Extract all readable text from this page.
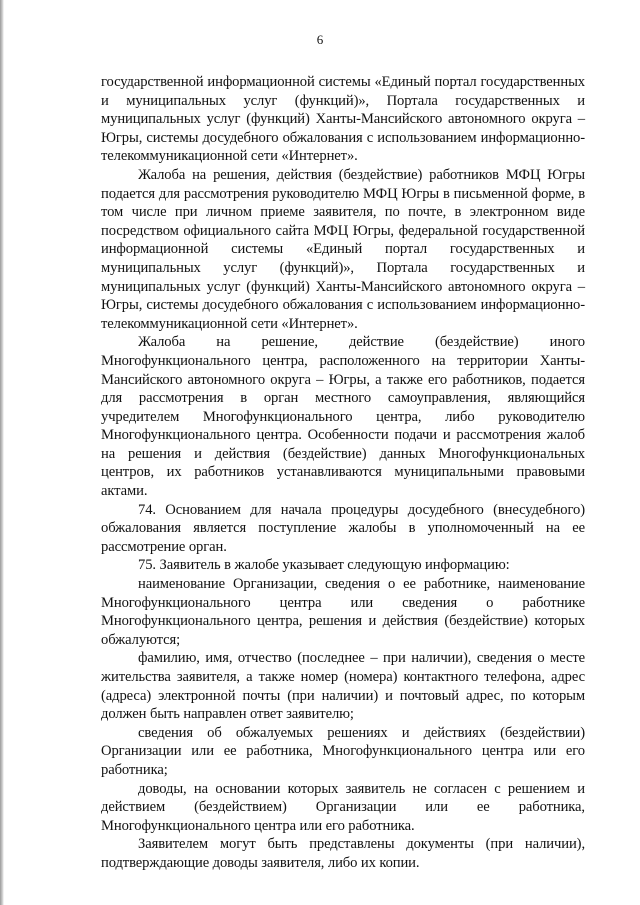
6

государственной информационной системы «Единый портал государственных и муниципальных услуг (функций)», Портала государственных и муниципальных услуг (функций) Ханты-Мансийского автономного округа – Югры, системы досудебного обжалования с использованием информационно-телекоммуникационной сети «Интернет».

Жалоба на решения, действия (бездействие) работников МФЦ Югры подается для рассмотрения руководителю МФЦ Югры в письменной форме, в том числе при личном приеме заявителя, по почте, в электронном виде посредством официального сайта МФЦ Югры, федеральной государственной информационной системы «Единый портал государственных и муниципальных услуг (функций)», Портала государственных и муниципальных услуг (функций) Ханты-Мансийского автономного округа – Югры, системы досудебного обжалования с использованием информационно-телекоммуникационной сети «Интернет».

Жалоба на решение, действие (бездействие) иного Многофункционального центра, расположенного на территории Ханты-Мансийского автономного округа – Югры, а также его работников, подается для рассмотрения в орган местного самоуправления, являющийся учредителем Многофункционального центра, либо руководителю Многофункционального центра. Особенности подачи и рассмотрения жалоб на решения и действия (бездействие) данных Многофункциональных центров, их работников устанавливаются муниципальными правовыми актами.

74. Основанием для начала процедуры досудебного (внесудебного) обжалования является поступление жалобы в уполномоченный на ее рассмотрение орган.

75. Заявитель в жалобе указывает следующую информацию:

наименование Организации, сведения о ее работнике, наименование Многофункционального центра или сведения о работнике Многофункционального центра, решения и действия (бездействие) которых обжалуются;

фамилию, имя, отчество (последнее – при наличии), сведения о месте жительства заявителя, а также номер (номера) контактного телефона, адрес (адреса) электронной почты (при наличии) и почтовый адрес, по которым должен быть направлен ответ заявителю;

сведения об обжалуемых решениях и действиях (бездействии) Организации или ее работника, Многофункционального центра или его работника;

доводы, на основании которых заявитель не согласен с решением и действием (бездействием) Организации или ее работника, Многофункционального центра или его работника.

Заявителем могут быть представлены документы (при наличии), подтверждающие доводы заявителя, либо их копии.
